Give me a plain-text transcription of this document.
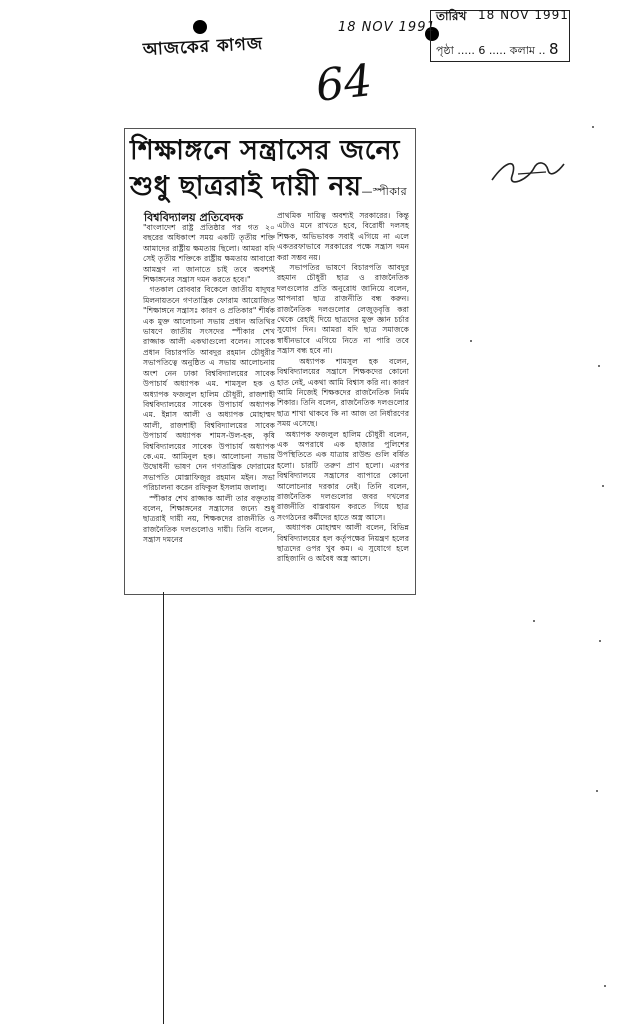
আজকের কাগজ
18 NOV 1991
তারিখ 18 NOV 1991
পৃষ্ঠা ..... 6 ..... কলাম .. 8
64
শিক্ষাঙ্গনে সন্ত্রাসের জন্যে শুধু ছাত্ররাই দায়ী নয়—স্পীকার
বিশ্ববিদ্যালয় প্রতিবেদক
"বাংলাদেশ রাষ্ট্র প্রতিষ্ঠার পর গত ২০ বছরের অধিকাংশ সময় একটি তৃতীয় শক্তি আমাদের রাষ্ট্রীয় ক্ষমতায় ছিলো। আমরা যদি সেই তৃতীয় শক্তিকে রাষ্ট্রীয় ক্ষমতায় আবারো আমন্ত্রণ না জানাতে চাই তবে অবশ্যই শিক্ষাঙ্গনের সন্ত্রাস দমন করতে হবে।"
গতকাল রোববার বিকেলে জাতীয় যাদুঘর মিলনায়তনে গণতান্ত্রিক ফোরাম আয়োজিত "শিক্ষাঙ্গনে সন্ত্রাসঃ কারণ ও প্রতিকার" শীর্ষক এক মুক্ত আলোচনা সভায় প্রধান অতিথির ভাষণে জাতীয় সংসদের স্পীকার শেখ রাজ্জাক আলী একথাগুলো বলেন। সাবেক প্রধান বিচারপতি আবদুর রহমান চৌধুরীর সভাপতিত্বে অনুষ্ঠিত এ সভায় আলোচনায় অংশ নেন ঢাকা বিশ্ববিদ্যালয়ের সাবেক উপাচার্য অধ্যাপক এম. শামসুল হক ও অধ্যাপক ফজলুল হালিম চৌধুরী, রাজশাহী বিশ্ববিদ্যালয়ের সাবেক উপাচার্য অধ্যাপক এম. ইন্নাস আলী ও অধ্যাপক মোহাম্মদ আলী, রাজশাহী বিশ্ববিদ্যালয়ের সাবেক উপাচার্য অধ্যাপক শামস-উল-হক, কৃষি বিশ্ববিদ্যালয়ের সাবেক উপাচার্য অধ্যাপক কে.এম. আমিনুল হক। আলোচনা সভায় উদ্বোধনী ভাষণ দেন গণতান্ত্রিক ফোরামের সভাপতি মোস্তাফিজুর রহমান মইন। সভা পরিচালনা করেন রফিকুল ইসলাম জলালু।
স্পীকার শেখ রাজ্জাক আলী তার বক্তৃতায় বলেন, শিক্ষাঙ্গনের সন্ত্রাসের জন্যে শুধু ছাত্ররাই দায়ী নয়, শিক্ষকদের রাজনীতি ও রাজনৈতিক দলগুলোও দায়ী। তিনি বলেন, সন্ত্রাস দমনের
প্রাথমিক দায়িত্ব অবশ্যই সরকারের। কিন্তু এটাও মনে রাখতে হবে, বিরোধী দলসহ শিক্ষক, অভিভাবক সবাই এগিয়ে না এলে একতরফাভাবে সরকারের পক্ষে সন্ত্রাস দমন করা সম্ভব নয়।
সভাপতির ভাষণে বিচারপতি আবদুর রহমান চৌধুরী ছাত্র ও রাজনৈতিক দলগুলোর প্রতি অনুরোধ জানিয়ে বলেন, আপনারা ছাত্র রাজনীতি বন্ধ করুন। রাজনৈতিক দলগুলোর লেজুড়বৃত্তি করা থেকে রেহাই দিয়ে ছাত্রদের মুক্ত জ্ঞান চর্চার সুযোগ দিন। আমরা যদি ছাত্র সমাজকে স্বাধীনভাবে এগিয়ে নিতে না পারি তবে সন্ত্রাস বন্ধ হবে না।
অধ্যাপক শামসুল হক বলেন, বিশ্ববিদ্যালয়ের সন্ত্রাসে শিক্ষকদের কোনো হাত নেই, একথা আমি বিশ্বাস করি না। কারণ আমি নিজেই শিক্ষকদের রাজনৈতিক নির্মম শিকার। তিনি বলেন, রাজনৈতিক দলগুলোর ছাত্র শাখা থাকবে কি না আজ তা নির্ধারণের সময় এসেছে।
অধ্যাপক ফজলুল হালিম চৌধুরী বলেন, এক অপরাধে এক হাজার পুলিশের উপস্থিতিতে এক যাত্রায় রাউন্ড গুলি বর্ষিত হলো। চারটি তরুণ প্রাণ হলো। এরপর বিশ্ববিদ্যালয়ে সন্ত্রাসের ব্যাপারে কোনো আলোচনার দরকার নেই। তিনি বলেন, রাজনৈতিক দলগুলোর জবর দখলের রাজনীতি বাস্তবায়ন করতে গিয়ে ছাত্র সংগঠনের কর্মীদের হাতে অস্ত্র আসে।
অধ্যাপক মোহাম্মদ আলী বলেন, বিভিন্ন বিশ্ববিদ্যালয়ের হল কর্তৃপক্ষের নিয়ন্ত্রণ হলের ছাত্রদের ওপর খুব কম। এ সুযোগে হলে রাহিজানি ও অবৈধ অস্ত্র আসে।
